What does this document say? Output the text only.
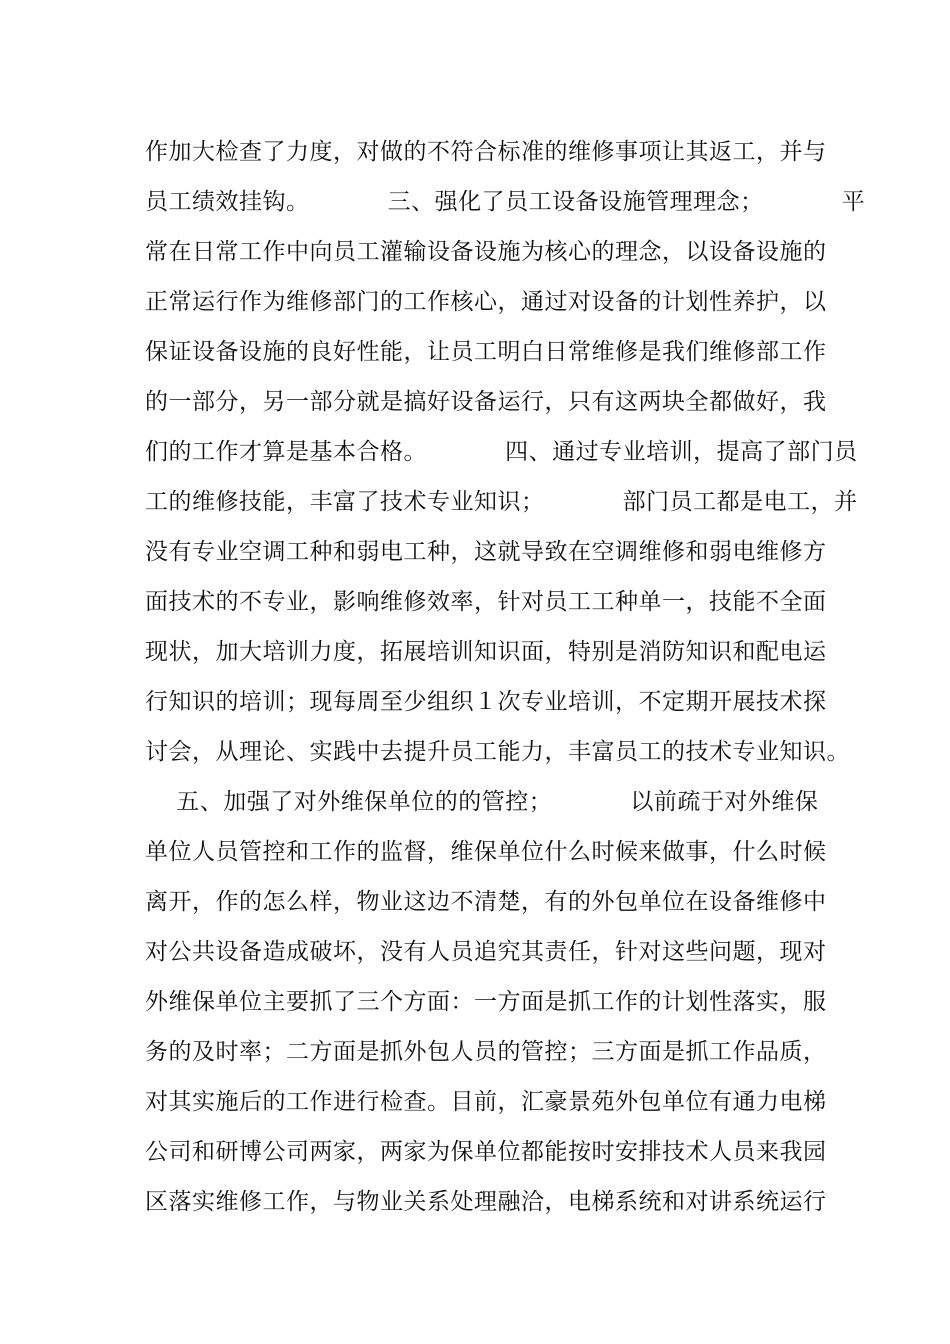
作加大检查了力度，对做的不符合标准的维修事项让其返工，并与
员工绩效挂钩。          三、强化了员工设备设施管理理念；          平
常在日常工作中向员工灌输设备设施为核心的理念，以设备设施的
正常运行作为维修部门的工作核心，通过对设备的计划性养护，以
保证设备设施的良好性能，让员工明白日常维修是我们维修部工作
的一部分，另一部分就是搞好设备运行，只有这两块全都做好，我
们的工作才算是基本合格。          四、通过专业培训，提高了部门员
工的维修技能，丰富了技术专业知识；          部门员工都是电工，并
没有专业空调工种和弱电工种，这就导致在空调维修和弱电维修方
面技术的不专业，影响维修效率，针对员工工种单一，技能不全面
现状，加大培训力度，拓展培训知识面，特别是消防知识和配电运
行知识的培训；现每周至少组织１次专业培训，不定期开展技术探
讨会，从理论、实践中去提升员工能力，丰富员工的技术专业知识。
五、加强了对外维保单位的的管控；          以前疏于对外维保
单位人员管控和工作的监督，维保单位什么时候来做事，什么时候
离开，作的怎么样，物业这边不清楚，有的外包单位在设备维修中
对公共设备造成破坏，没有人员追究其责任，针对这些问题，现对
外维保单位主要抓了三个方面：一方面是抓工作的计划性落实，服
务的及时率；二方面是抓外包人员的管控；三方面是抓工作品质，
对其实施后的工作进行检查。目前，汇豪景苑外包单位有通力电梯
公司和研博公司两家，两家为保单位都能按时安排技术人员来我园
区落实维修工作，与物业关系处理融洽，电梯系统和对讲系统运行
